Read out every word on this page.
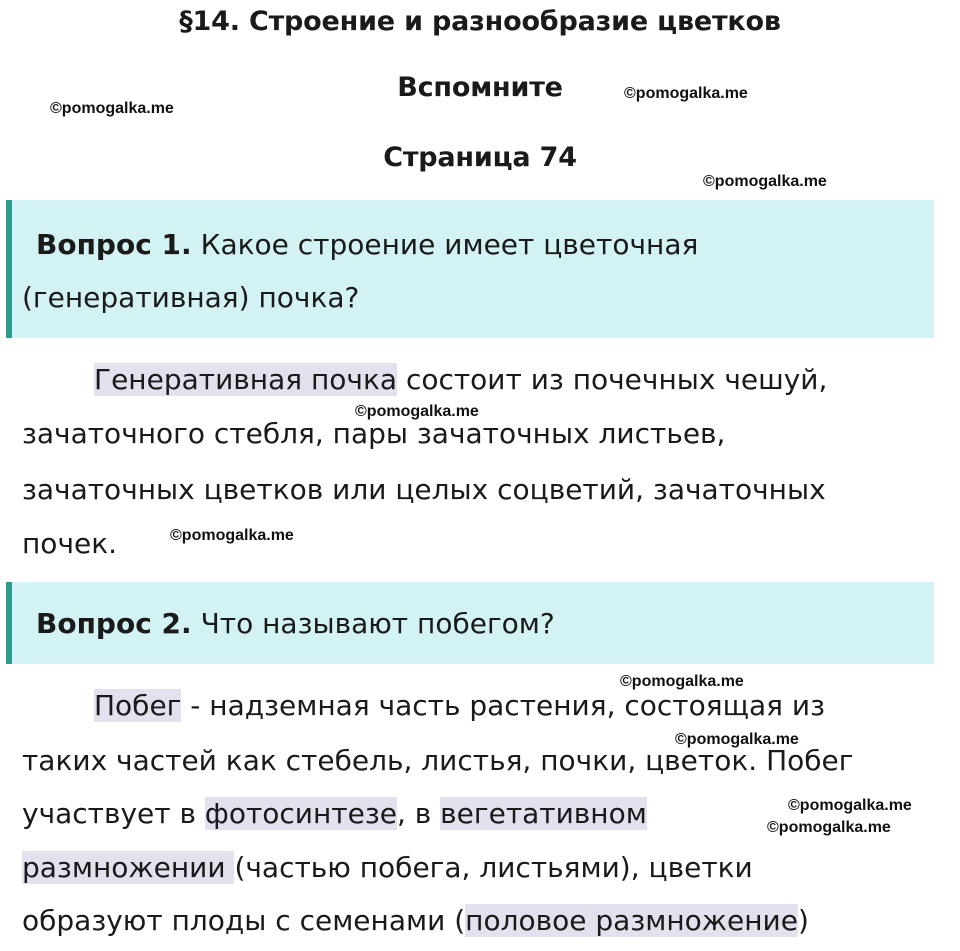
§14. Строение и разнообразие цветков
Вспомните
Страница 74
©pomogalka.me
©pomogalka.me
©pomogalka.me
©pomogalka.me
©pomogalka.me
©pomogalka.me
©pomogalka.me
©pomogalka.me
©pomogalka.me
Вопрос 1. Какое строение имеет цветочная
(генеративная) почка?
Генеративная почка состоит из почечных чешуй,
зачаточного стебля, пары зачаточных листьев,
зачаточных цветков или целых соцветий, зачаточных
почек.
Вопрос 2. Что называют побегом?
Побег - надземная часть растения, состоящая из
таких частей как стебель, листья, почки, цветок. Побег
участвует в фотосинтезе, в вегетативном
размножении (частью побега, листьями), цветки
образуют плоды с семенами (половое размножение)
